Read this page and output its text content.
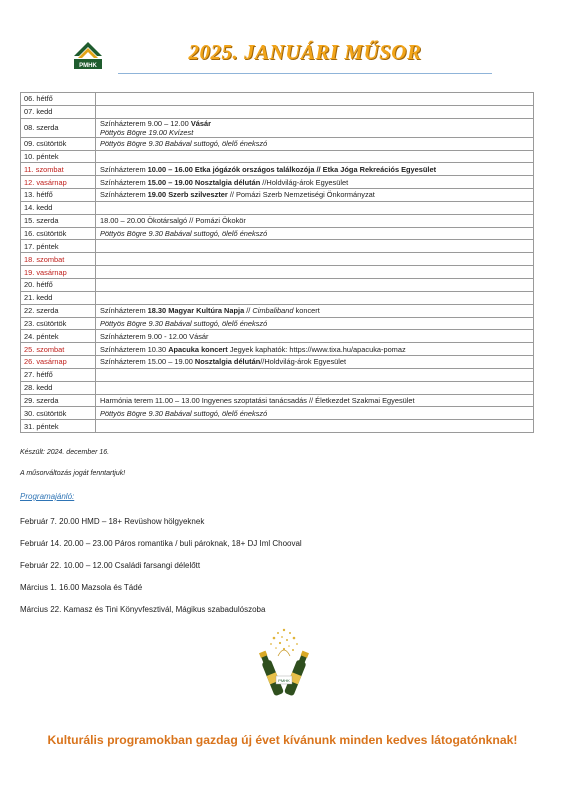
PMHK
2025. JANUÁRI MŰSOR
06. hétfő	
07. kedd	
08. szerda	Színházterem 9.00 – 12.00 Vásár
Pöttyös Bögre 19.00 Kvízest

09. csütörtök	Pöttyös Bögre 9.30 Babával suttogó, ölelő énekszó

10. péntek	
11. szombat	Színházterem 10.00 – 16.00 Etka jógázók országos találkozója // Etka Jóga Rekreációs Egyesület

12. vasárnap	Színházterem 15.00 – 19.00 Nosztalgia délután //Holdvilág-árok Egyesület

13. hétfő	Színházterem 19.00 Szerb szilveszter // Pomázi Szerb Nemzetiségi Önkormányzat

14. kedd	
15. szerda	18.00 – 20.00 Ökotársalgó // Pomázi Ökokör

16. csütörtök	Pöttyös Bögre 9.30 Babával suttogó, ölelő énekszó

17. péntek	
18. szombat	
19. vasárnap	
20. hétfő	
21. kedd	
22. szerda	Színházterem 18.30 Magyar Kultúra Napja // Cimbaliband koncert

23. csütörtök	Pöttyös Bögre 9.30 Babával suttogó, ölelő énekszó

24. péntek	Színházterem 9.00 - 12.00 Vásár

25. szombat	Színházterem 10.30 Apacuka koncert Jegyek kaphatók: https://www.tixa.hu/apacuka-pomaz

26. vasárnap	Színházterem 15.00 – 19.00 Nosztalgia délután//Holdvilág-árok Egyesület

27. hétfő	
28. kedd	
29. szerda	Harmónia terem 11.00 – 13.00 Ingyenes szoptatási tanácsadás // Életkezdet Szakmai Egyesület

30. csütörtök	Pöttyös Bögre 9.30 Babával suttogó, ölelő énekszó

31. péntek	
Készült: 2024. december 16.
A műsorváltozás jogát fenntartjuk!
Programajánló:
Február 7. 20.00 HMD – 18+ Revüshow hölgyeknek
Február 14. 20.00 – 23.00 Páros romantika / buli pároknak, 18+ DJ Iml Chooval
Február 22. 10.00 – 12.00 Családi farsangi délelőtt
Március 1. 16.00 Mazsola és Tádé
Március 22. Kamasz és Tini Könyvfesztivál, Mágikus szabadulószoba
PMHK
Kulturális programokban gazdag új évet kívánunk minden kedves látogatónknak!
